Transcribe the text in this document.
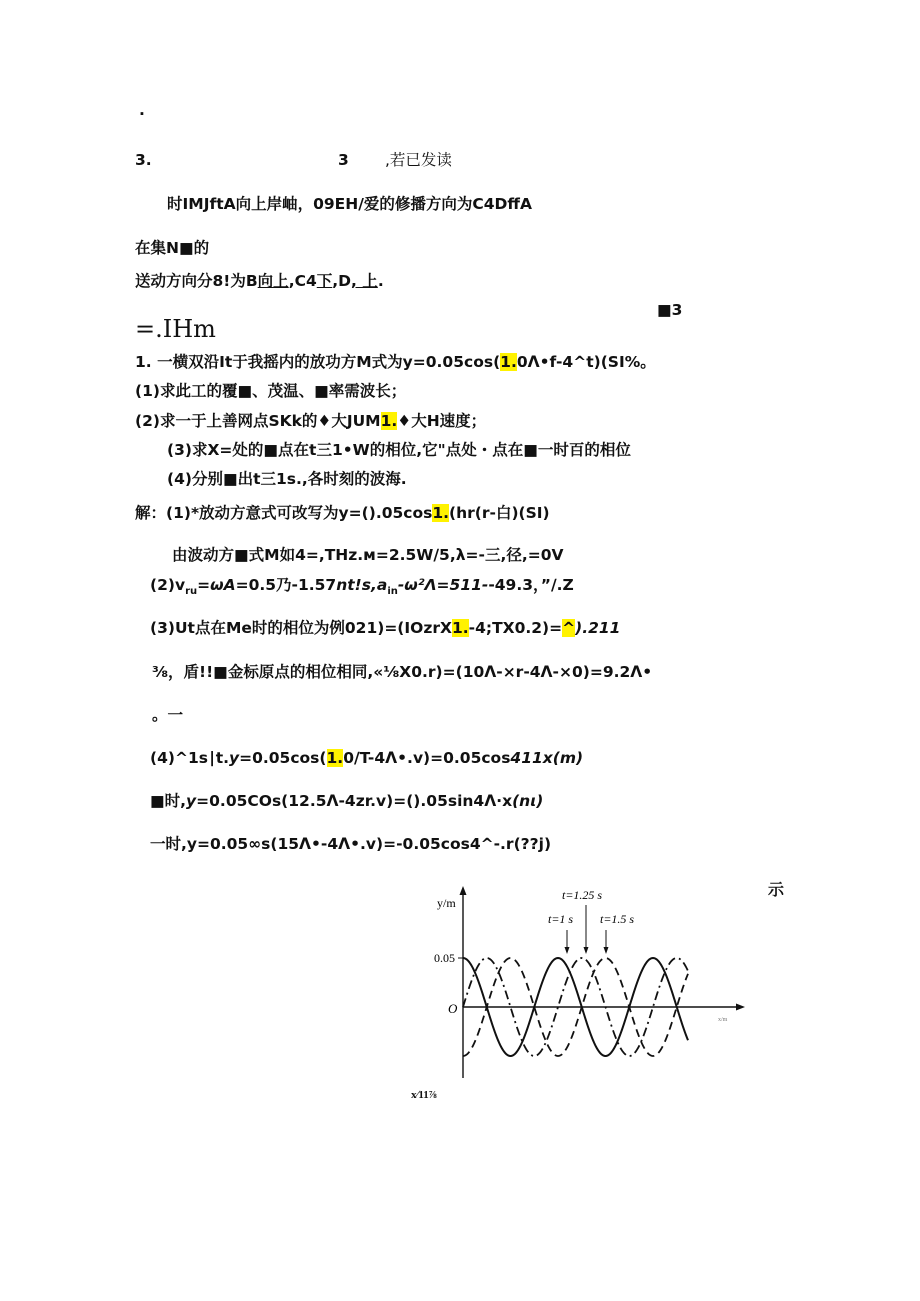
.
3.	3 ,若已发读
时IMJftA向上岸岫，09EH/爱的修播方向为C4DffA
在集N■的
送动方向分8!为B向上,C4下,D, 上.
=.IHm
■3
1. 一横双沿It于我摇内的放功方M式为y=0.05cos(1.0Λ•f-4^t)(SI%。
(1)求此工的覆■、茂温、■率需波长；
(2)求一于上善网点SKk的♦大JUM1.♦大H速度；
(3)求X=处的■点在t三1•W的相位,它"点处・点在■一时百的相位
(4)分别■出t三1s.,各时刻的波海.
解：(1)*放动方意式可改写为y=().05cos1.(hr(r-白)(SI)
由波动方■式M如4=,THz.м=2.5W∕5,λ=-三,径,=0V
$(2)v_{ru}=\omega A=0.5$乃$-1.57nt!s,a_{in}-\omega^2\Lambda=511--49.3$，”∕.Z
(3)Ut点在Me时的相位为例021)=(IOzrX1.-4;TX0.2)=^).211
⅜，盾!!■金标原点的相位相同,«⅛X0.r)=(10Λ-×r-4Λ-×0)=9.2Λ•
。一
(4)^1s∣t.y=0.05cos(1.0∕T-4Λ•.v)=0.05cos411x(m)
■时,y=0.05COs(12.5Λ-4zr.v)=().05sin4Λ∙x(nι)
一时,y=0.05∞s(15Λ•-4Λ•.v)=-0.05cos4^-.r(??j)
y/m
0.05
O
x/m
t=1.25 s
t=1 s t=1.5 s
示
x∕11⅞
